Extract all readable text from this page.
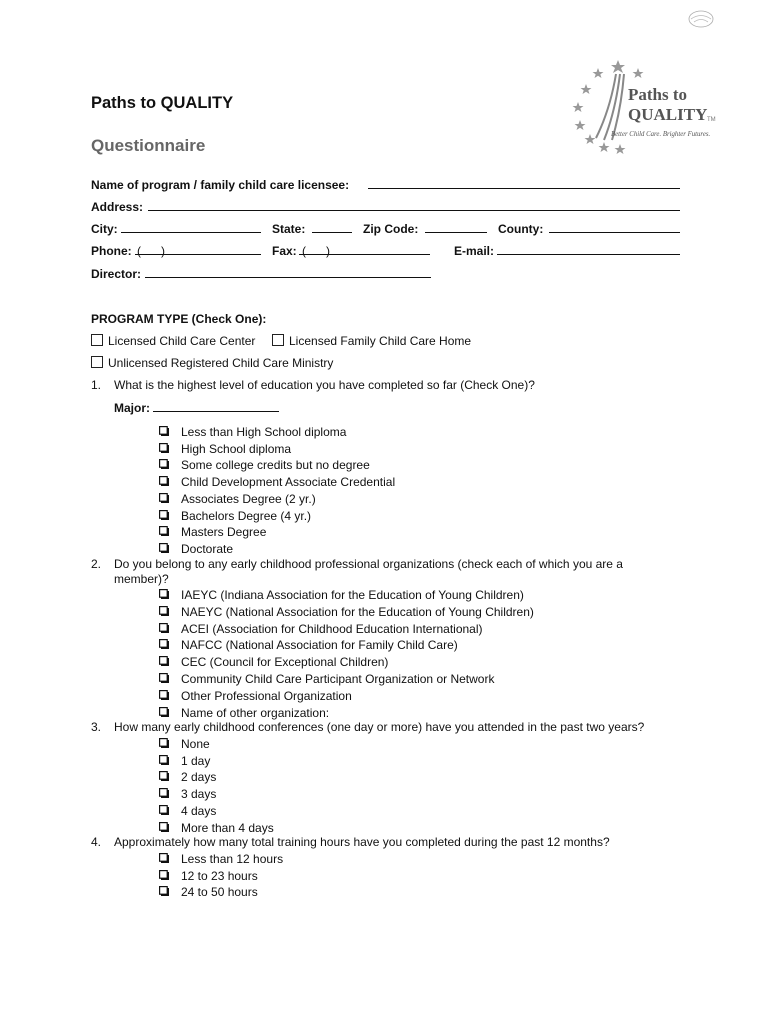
Paths to
QUALITY TM
Better Child Care. Brighter Futures.
Paths to QUALITY
Questionnaire
Name of program / family child care licensee:
Address:
City:	State:	Zip Code:	County:
Phone: (      )	Fax: (      )	E-mail:
Director:
PROGRAM TYPE (Check One):
Licensed Child Care Center	Licensed Family Child Care Home
Unlicensed Registered Child Care Ministry
1. What is the highest level of education you have completed so far (Check One)?
Major:
Less than High School diploma
High School diploma
Some college credits but no degree
Child Development Associate Credential
Associates Degree (2 yr.)
Bachelors Degree (4 yr.)
Masters Degree
Doctorate
2. Do you belong to any early childhood professional organizations (check each of which you are a member)?
IAEYC (Indiana Association for the Education of Young Children)
NAEYC (National Association for the Education of Young Children)
ACEI (Association for Childhood Education International)
NAFCC (National Association for Family Child Care)
CEC (Council for Exceptional Children)
Community Child Care Participant Organization or Network
Other Professional Organization
Name of other organization:
3. How many early childhood conferences (one day or more) have you attended in the past two years?
None
1 day
2 days
3 days
4 days
More than 4 days
4. Approximately how many total training hours have you completed during the past 12 months?
Less than 12 hours
12 to 23 hours
24 to 50 hours
